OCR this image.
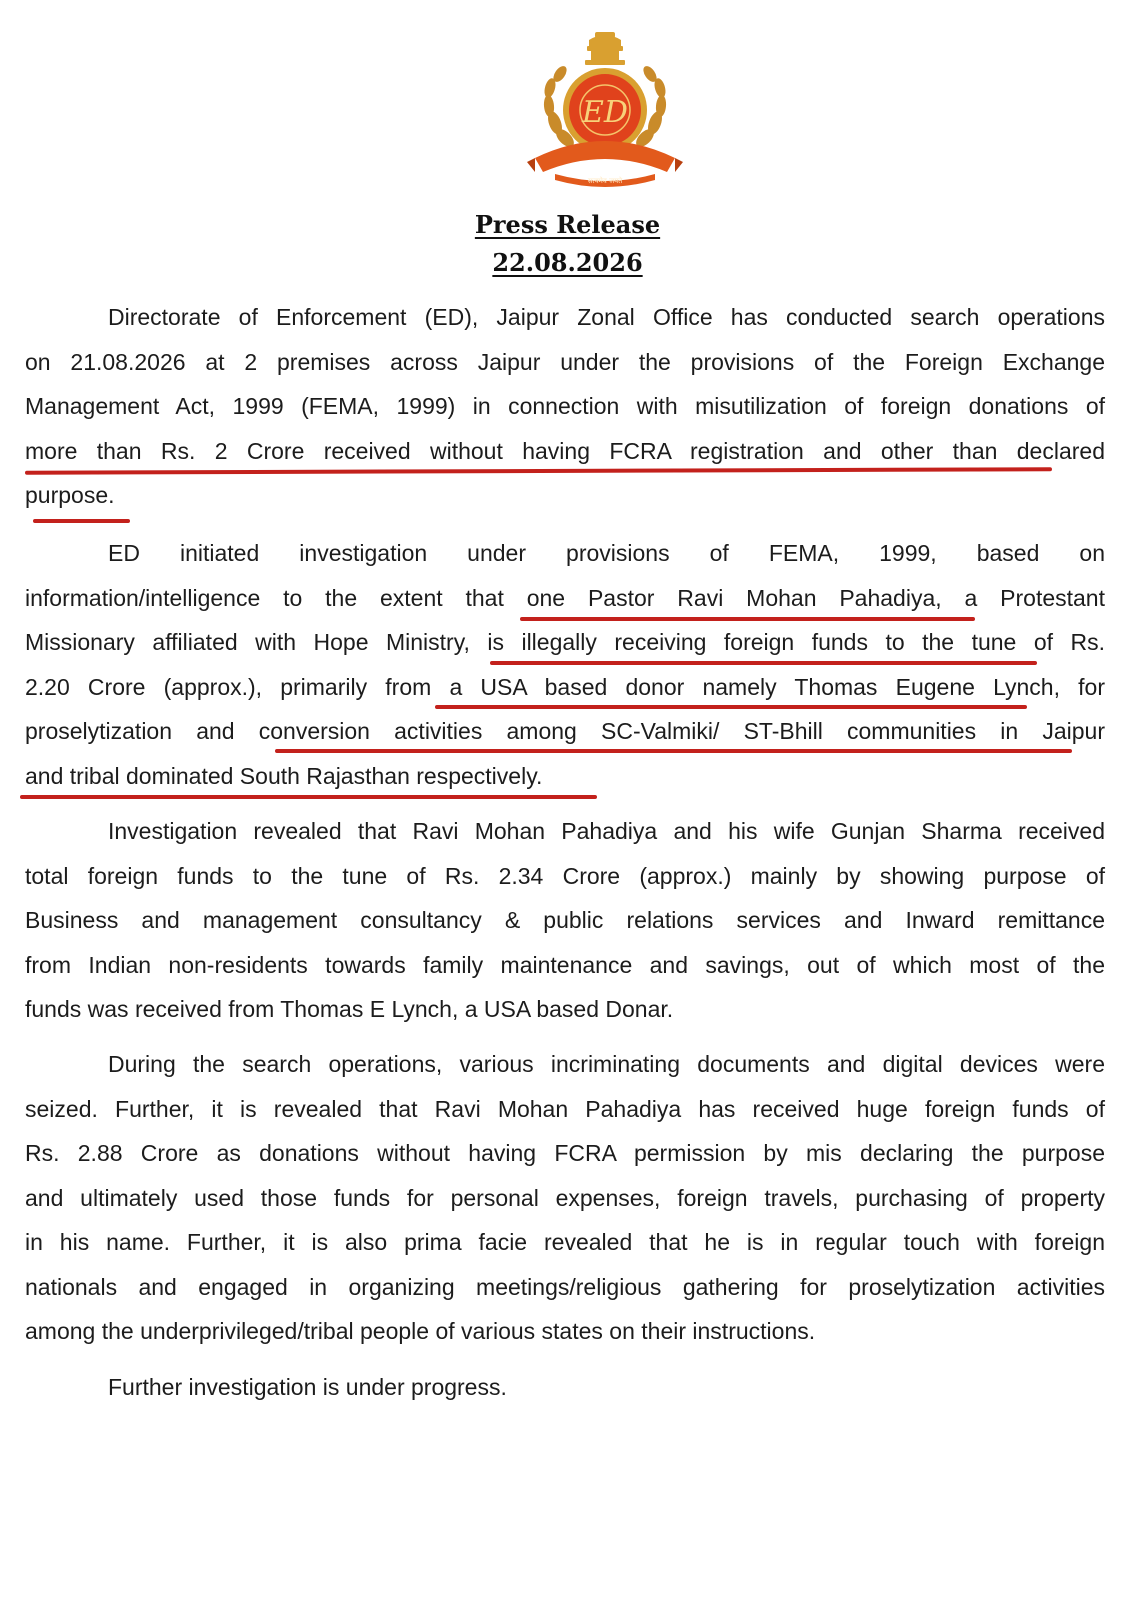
ED
सत्यमेव जयते
Press Release
22.08.2026
Directorate of Enforcement (ED), Jaipur Zonal Office has conducted search operations
on 21.08.2026 at 2 premises across Jaipur under the provisions of the Foreign Exchange
Management Act, 1999 (FEMA, 1999) in connection with misutilization of foreign donations of
more than Rs. 2 Crore received without having FCRA registration and other than declared
purpose.
ED initiated investigation under provisions of FEMA, 1999, based on
information/intelligence to the extent that one Pastor Ravi Mohan Pahadiya, a Protestant
Missionary affiliated with Hope Ministry, is illegally receiving foreign funds to the tune of Rs.
2.20 Crore (approx.), primarily from a USA based donor namely Thomas Eugene Lynch, for
proselytization and conversion activities among SC-Valmiki/ ST-Bhill communities in Jaipur
and tribal dominated South Rajasthan respectively.
Investigation revealed that Ravi Mohan Pahadiya and his wife Gunjan Sharma received
total foreign funds to the tune of Rs. 2.34 Crore (approx.) mainly by showing purpose of
Business and management consultancy & public relations services and Inward remittance
from Indian non-residents towards family maintenance and savings, out of which most of the
funds was received from Thomas E Lynch, a USA based Donar.
During the search operations, various incriminating documents and digital devices were
seized. Further, it is revealed that Ravi Mohan Pahadiya has received huge foreign funds of
Rs. 2.88 Crore as donations without having FCRA permission by mis declaring the purpose
and ultimately used those funds for personal expenses, foreign travels, purchasing of property
in his name. Further, it is also prima facie revealed that he is in regular touch with foreign
nationals and engaged in organizing meetings/religious gathering for proselytization activities
among the underprivileged/tribal people of various states on their instructions.
Further investigation is under progress.
